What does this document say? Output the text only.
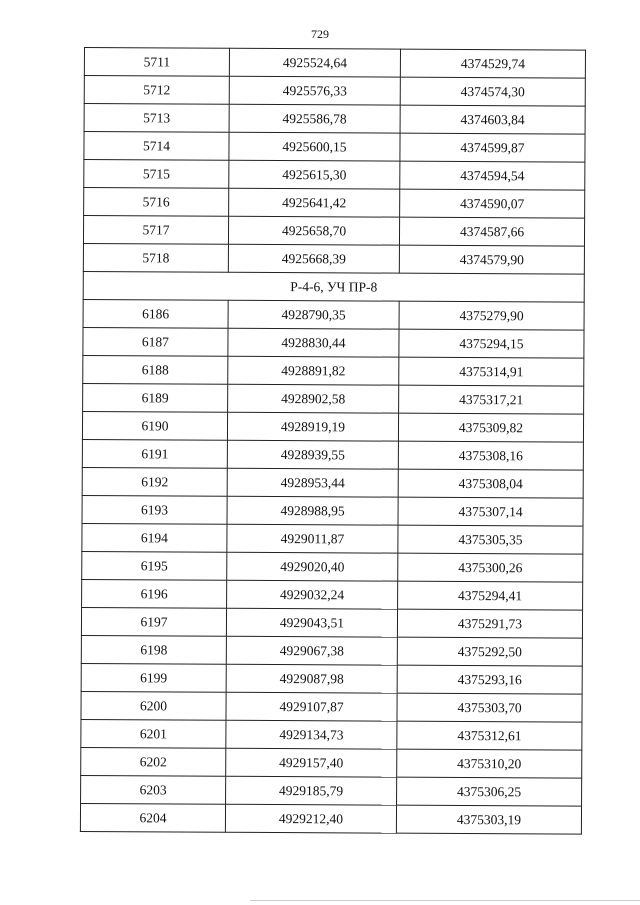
729
5711	4925524,64	4374529,74
5712	4925576,33	4374574,30
5713	4925586,78	4374603,84
5714	4925600,15	4374599,87
5715	4925615,30	4374594,54
5716	4925641,42	4374590,07
5717	4925658,70	4374587,66
5718	4925668,39	4374579,90
Р-4-6, УЧ ПР-8		
6186	4928790,35	4375279,90
6187	4928830,44	4375294,15
6188	4928891,82	4375314,91
6189	4928902,58	4375317,21
6190	4928919,19	4375309,82
6191	4928939,55	4375308,16
6192	4928953,44	4375308,04
6193	4928988,95	4375307,14
6194	4929011,87	4375305,35
6195	4929020,40	4375300,26
6196	4929032,24	4375294,41
6197	4929043,51	4375291,73
6198	4929067,38	4375292,50
6199	4929087,98	4375293,16
6200	4929107,87	4375303,70
6201	4929134,73	4375312,61
6202	4929157,40	4375310,20
6203	4929185,79	4375306,25
6204	4929212,40	4375303,19
